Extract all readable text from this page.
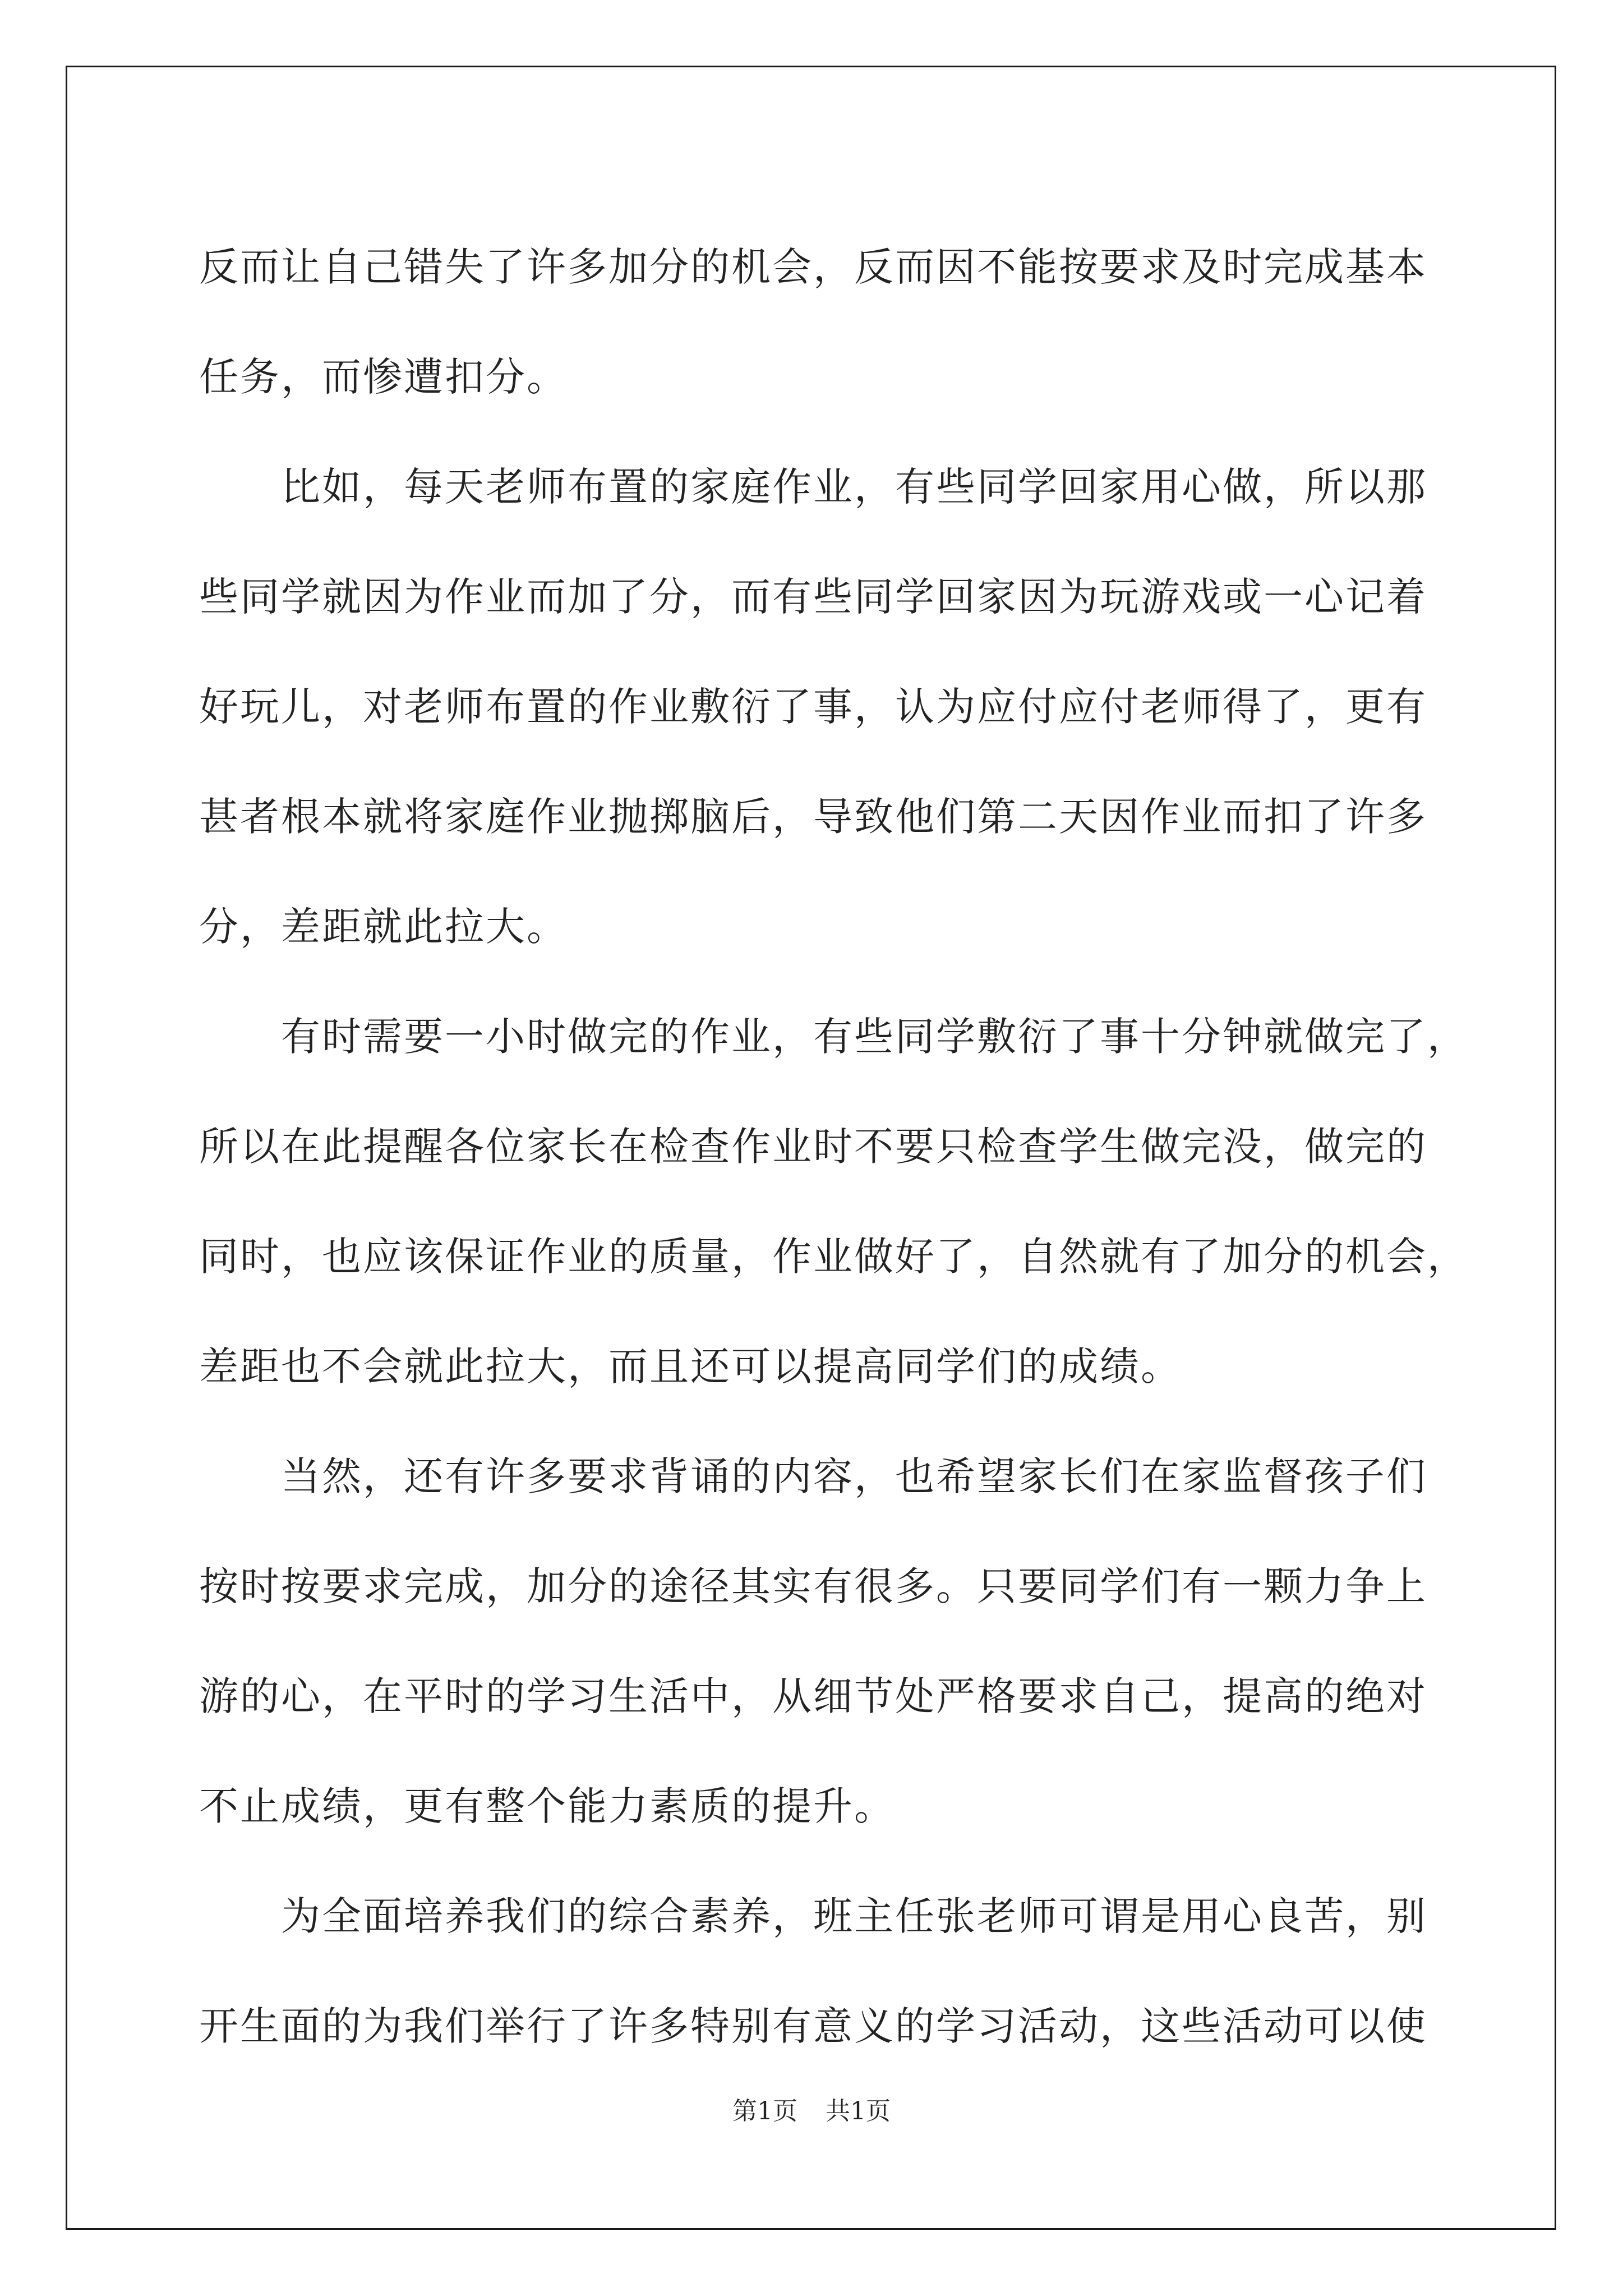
反而让自己错失了许多加分的机会，反而因不能按要求及时完成基本
任务，而惨遭扣分。
　　比如，每天老师布置的家庭作业，有些同学回家用心做，所以那
些同学就因为作业而加了分，而有些同学回家因为玩游戏或一心记着
好玩儿，对老师布置的作业敷衍了事，认为应付应付老师得了，更有
甚者根本就将家庭作业抛掷脑后，导致他们第二天因作业而扣了许多
分，差距就此拉大。
　　有时需要一小时做完的作业，有些同学敷衍了事十分钟就做完了，
所以在此提醒各位家长在检查作业时不要只检查学生做完没，做完的
同时，也应该保证作业的质量，作业做好了，自然就有了加分的机会，
差距也不会就此拉大，而且还可以提高同学们的成绩。
　　当然，还有许多要求背诵的内容，也希望家长们在家监督孩子们
按时按要求完成，加分的途径其实有很多。只要同学们有一颗力争上
游的心，在平时的学习生活中，从细节处严格要求自己，提高的绝对
不止成绩，更有整个能力素质的提升。
　　为全面培养我们的综合素养，班主任张老师可谓是用心良苦，别
开生面的为我们举行了许多特别有意义的学习活动，这些活动可以使
第1页 共1页
